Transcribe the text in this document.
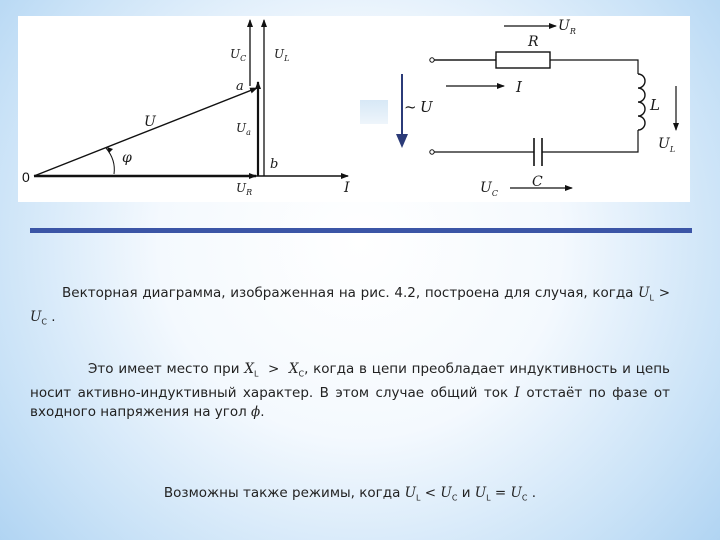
0
U
φ
a
b
I
$U_R$
$U_a$
$U_C$ $U_L$
$U_R$
R
I
~ U	L
$U_L$
C
$U_C$
Векторная диаграмма, изображенная на рис. 4.2, построена для случая, когда $U_L > U_C$ .
Это имеет место при $X_L > X_C$, когда в цепи преобладает индуктивность и цепь носит активно-индуктивный характер. В этом случае общий ток I отстаёт по фазе от входного напряжения на угол ϕ.
Возможны также режимы, когда $U_L < U_C$ и $U_L = U_C$ .
